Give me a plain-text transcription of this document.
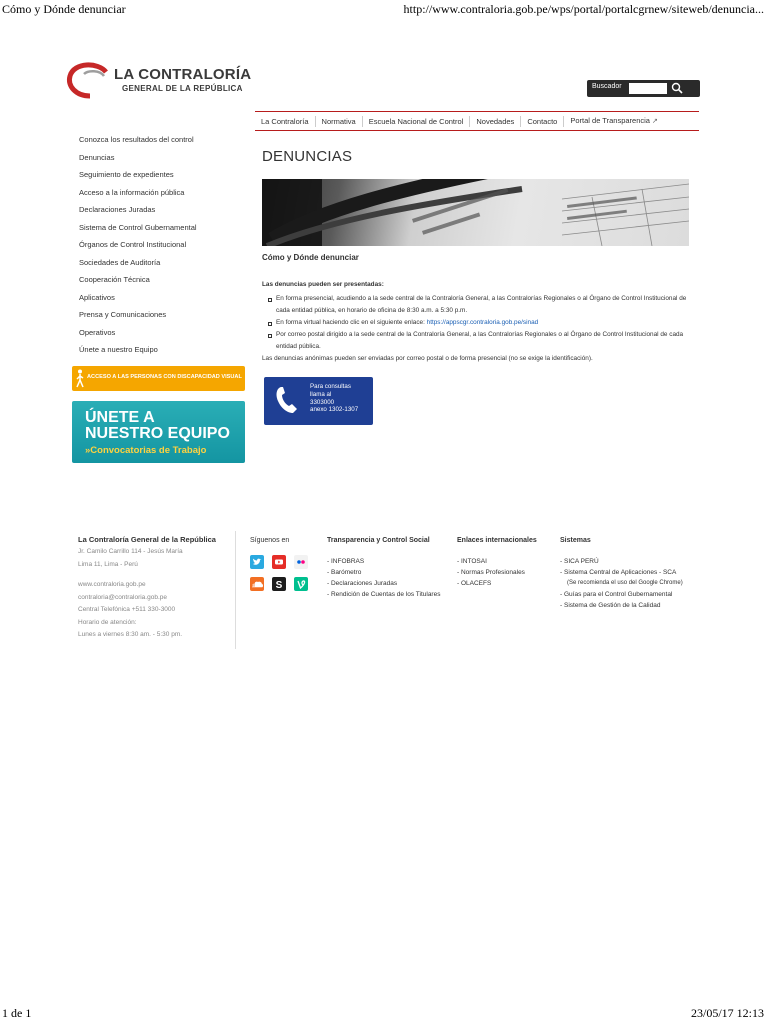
Cómo y Dónde denunciar	http://www.contraloria.gob.pe/wps/portal/portalcgrnew/siteweb/denuncia...
LA CONTRALORÍA
GENERAL DE LA REPÚBLICA	Buscador
La Contraloría	Normativa	Escuela Nacional de Control	Novedades	Contacto	Portal de Transparencia ↗
Conozca los resultados del control
Denuncias
Seguimiento de expedientes
Acceso a la información pública
Declaraciones Juradas
Sistema de Control Gubernamental
Órganos de Control Institucional
Sociedades de Auditoría
Cooperación Técnica
Aplicativos
Prensa y Comunicaciones
Operativos
Únete a nuestro Equipo
ACCESO A LAS PERSONAS CON DISCAPACIDAD VISUAL
ÚNETE A
NUESTRO EQUIPO
»Convocatorias de Trabajo
DENUNCIAS
Cómo y Dónde denunciar
Las denuncias pueden ser presentadas:
En forma presencial, acudiendo a la sede central de la Contraloría General, a las Contralorías Regionales o al Órgano de Control Institucional de cada entidad pública, en horario de oficina de 8:30 a.m. a 5:30 p.m.
En forma virtual haciendo clic en el siguiente enlace: https://appscgr.contraloria.gob.pe/sinad
Por correo postal dirigido a la sede central de la Contraloría General, a las Contralorías Regionales o al Órgano de Control Institucional de cada entidad pública.
Las denuncias anónimas pueden ser enviadas por correo postal o de forma presencial (no se exige la identificación).
Para consultas
llama al
3303000
anexo 1302-1307
La Contraloría General de la República
Jr. Camilo Carrillo 114 - Jesús María
Lima 11, Lima - Perú
www.contraloria.gob.pe
contraloria@contraloria.gob.pe
Central Telefónica +511 330-3000
Horario de atención:
Lunes a viernes 8:30 am. - 5:30 pm.
Síguenos en
S
Transparencia y Control Social
- INFOBRAS
- Barómetro
- Declaraciones Juradas
- Rendición de Cuentas de los Titulares
Enlaces internacionales
- INTOSAI
- Normas Profesionales
- OLACEFS
Sistemas
- SICA PERÚ
- Sistema Central de Aplicaciones - SCA
(Se recomienda el uso del Google Chrome)
- Guías para el Control Gubernamental
- Sistema de Gestión de la Calidad
1 de 1	23/05/17 12:13
